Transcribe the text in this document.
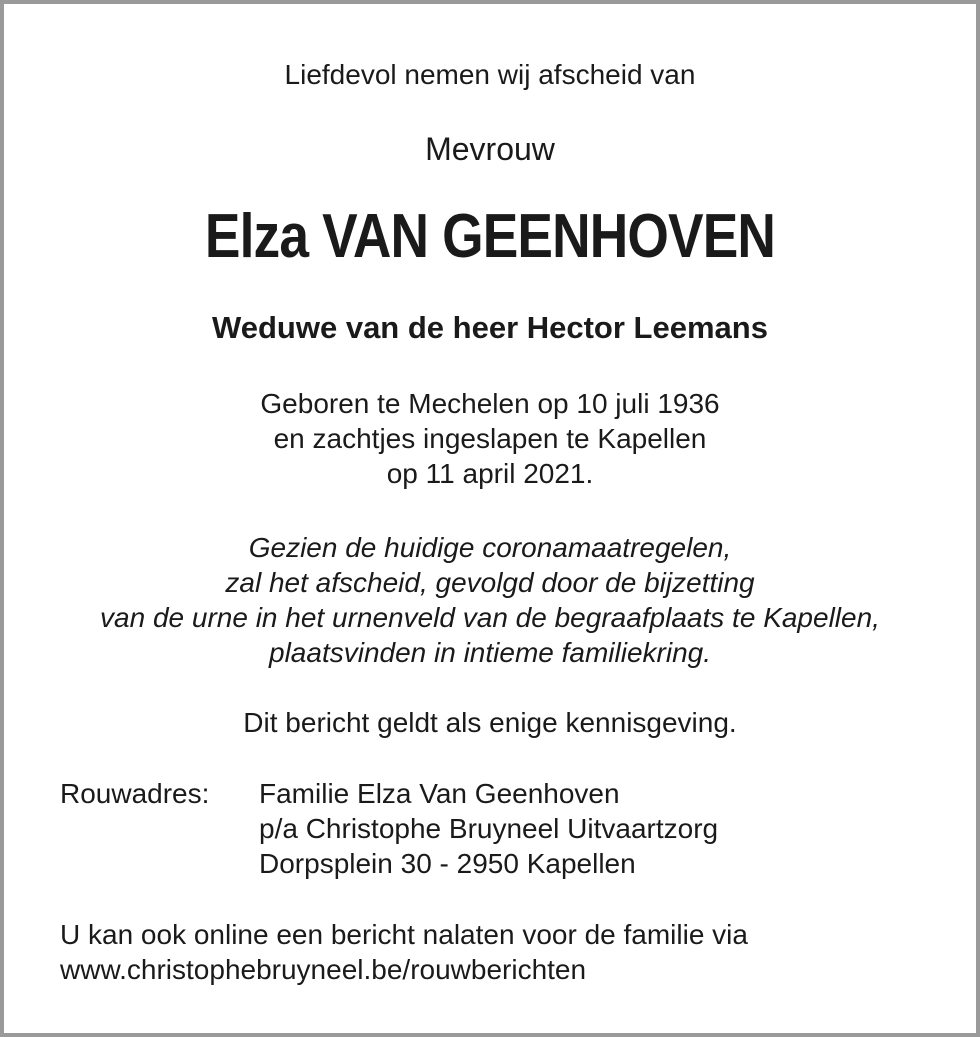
Liefdevol nemen wij afscheid van
Mevrouw
Elza VAN GEENHOVEN
Weduwe van de heer Hector Leemans
Geboren te Mechelen op 10 juli 1936
en zachtjes ingeslapen te Kapellen
op 11 april 2021.
Gezien de huidige coronamaatregelen,
zal het afscheid, gevolgd door de bijzetting
van de urne in het urnenveld van de begraafplaats te Kapellen,
plaatsvinden in intieme familiekring.
Dit bericht geldt als enige kennisgeving.
Rouwadres: Familie Elza Van Geenhoven
p/a Christophe Bruyneel Uitvaartzorg
Dorpsplein 30 - 2950 Kapellen
U kan ook online een bericht nalaten voor de familie via
www.christophebruyneel.be/rouwberichten
